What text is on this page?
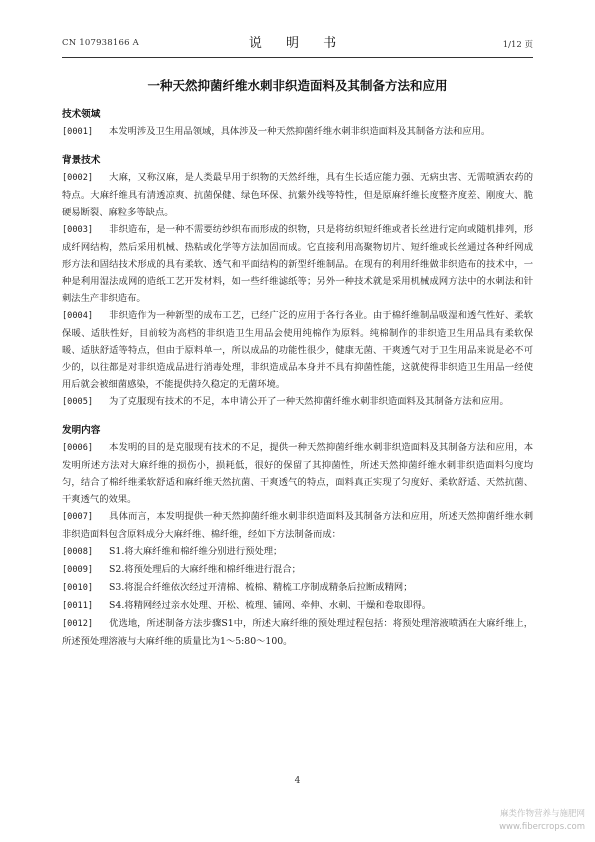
CN 107938166 A	说 明 书	1/12 页
一种天然抑菌纤维水刺非织造面料及其制备方法和应用
技术领域

[0001] 本发明涉及卫生用品领域，具体涉及一种天然抑菌纤维水刺非织造面料及其制备方法和应用。

背景技术

[0002] 大麻，又称汉麻，是人类最早用于织物的天然纤维，具有生长适应能力强、无病虫害、无需喷洒农药的特点。大麻纤维具有清透凉爽、抗菌保健、绿色环保、抗紫外线等特性，但是原麻纤维长度整齐度差、刚度大、脆硬易断裂、麻粒多等缺点。

[0003] 非织造布，是一种不需要纺纱织布而形成的织物，只是将纺织短纤维或者长丝进行定向或随机排列，形成纤网结构，然后采用机械、热粘或化学等方法加固而成。它直接利用高聚物切片、短纤维或长丝通过各种纤网成形方法和固结技术形成的具有柔软、透气和平面结构的新型纤维制品。在现有的利用纤维做非织造布的技术中，一种是利用湿法成网的造纸工艺开发材料，如一些纤维滤纸等；另外一种技术就是采用机械成网方法中的水刺法和针刺法生产非织造布。

[0004] 非织造作为一种新型的成布工艺，已经广泛的应用于各行各业。由于棉纤维制品吸湿和透气性好、柔软保暖、适肤性好，目前较为高档的非织造卫生用品会使用纯棉作为原料。纯棉制作的非织造卫生用品具有柔软保暖、适肤舒适等特点，但由于原料单一，所以成品的功能性很少，健康无菌、干爽透气对于卫生用品来说是必不可少的，以往都是对非织造成品进行消毒处理，非织造成品本身并不具有抑菌性能，这就使得非织造卫生用品一经使用后就会被细菌感染，不能提供持久稳定的无菌环境。

[0005] 为了克服现有技术的不足，本申请公开了一种天然抑菌纤维水刺非织造面料及其制备方法和应用。

发明内容

[0006] 本发明的目的是克服现有技术的不足，提供一种天然抑菌纤维水刺非织造面料及其制备方法和应用，本发明所述方法对大麻纤维的损伤小，损耗低，很好的保留了其抑菌性，所述天然抑菌纤维水刺非织造面料匀度均匀，结合了棉纤维柔软舒适和麻纤维天然抗菌、干爽透气的特点，面料真正实现了匀度好、柔软舒适、天然抗菌、干爽透气的效果。

[0007] 具体而言，本发明提供一种天然抑菌纤维水刺非织造面料及其制备方法和应用，所述天然抑菌纤维水刺非织造面料包含原料成分大麻纤维、棉纤维，经如下方法制备而成：

[0008] S1.将大麻纤维和棉纤维分别进行预处理；

[0009] S2.将预处理后的大麻纤维和棉纤维进行混合；

[0010] S3.将混合纤维依次经过开清棉、梳棉、精梳工序制成精条后拉断成精网；

[0011] S4.将精网经过亲水处理、开松、梳理、铺网、牵伸、水刺、干燥和卷取即得。

[0012] 优选地，所述制备方法步骤S1中，所述大麻纤维的预处理过程包括：将预处理溶液喷洒在大麻纤维上，所述预处理溶液与大麻纤维的质量比为1～5:80～100。

4
麻类作物营养与施肥网
www.fibercrops.com
